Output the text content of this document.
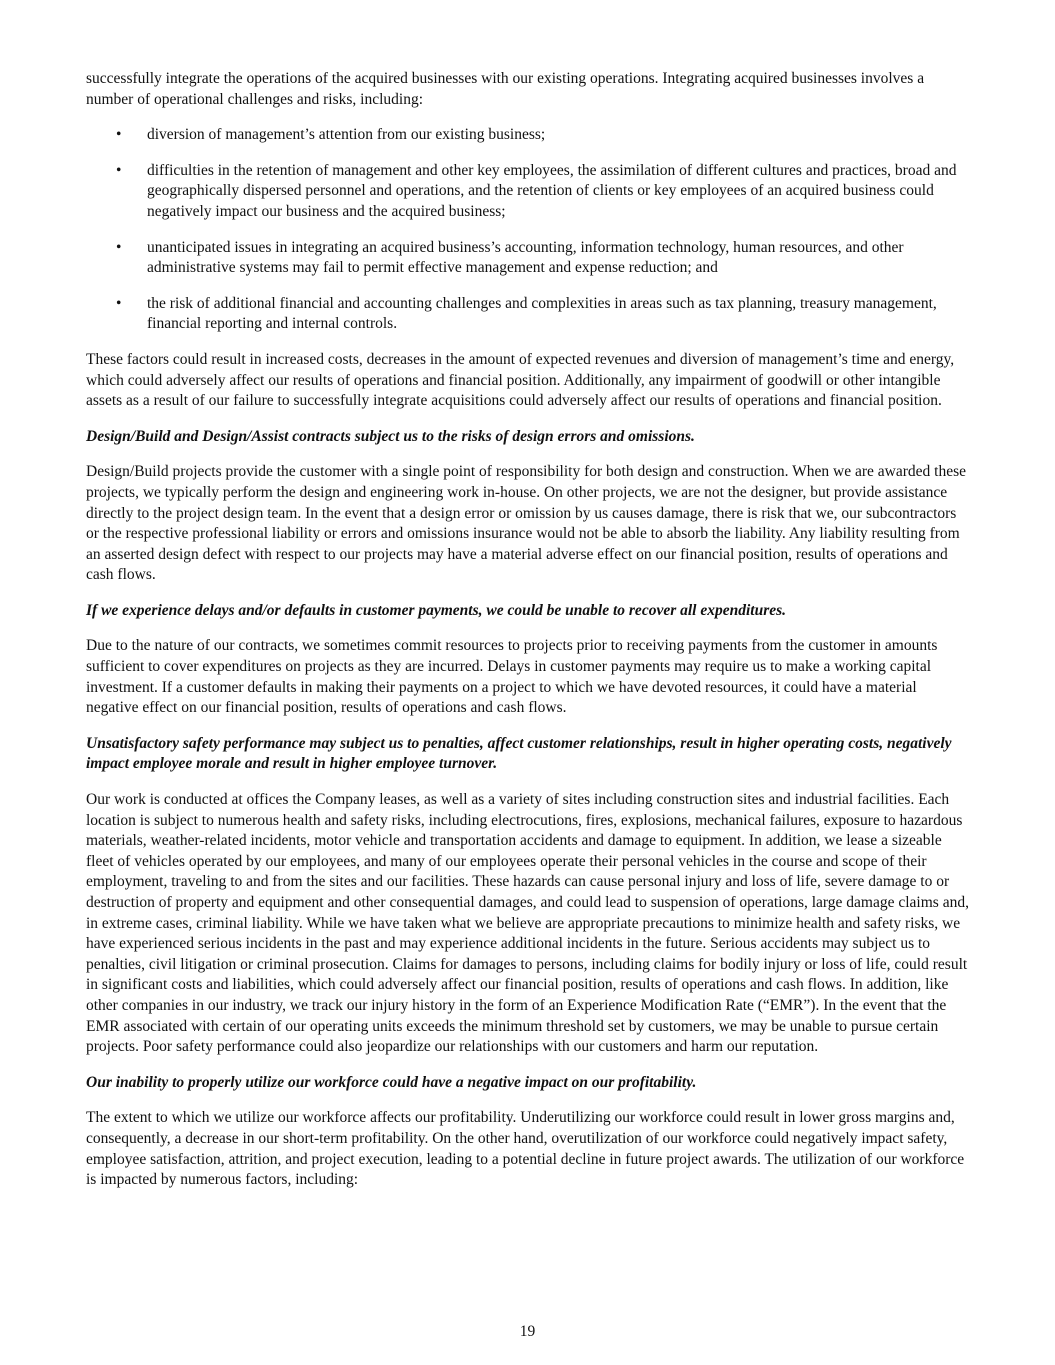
successfully integrate the operations of the acquired businesses with our existing operations. Integrating acquired businesses involves a number of operational challenges and risks, including:

• diversion of management’s attention from our existing business;
• difficulties in the retention of management and other key employees, the assimilation of different cultures and practices, broad and geographically dispersed personnel and operations, and the retention of clients or key employees of an acquired business could negatively impact our business and the acquired business;
• unanticipated issues in integrating an acquired business’s accounting, information technology, human resources, and other administrative systems may fail to permit effective management and expense reduction; and
• the risk of additional financial and accounting challenges and complexities in areas such as tax planning, treasury management, financial reporting and internal controls.

These factors could result in increased costs, decreases in the amount of expected revenues and diversion of management’s time and energy, which could adversely affect our results of operations and financial position. Additionally, any impairment of goodwill or other intangible assets as a result of our failure to successfully integrate acquisitions could adversely affect our results of operations and financial position.

Design/Build and Design/Assist contracts subject us to the risks of design errors and omissions.

Design/Build projects provide the customer with a single point of responsibility for both design and construction. When we are awarded these projects, we typically perform the design and engineering work in-house. On other projects, we are not the designer, but provide assistance directly to the project design team. In the event that a design error or omission by us causes damage, there is risk that we, our subcontractors or the respective professional liability or errors and omissions insurance would not be able to absorb the liability. Any liability resulting from an asserted design defect with respect to our projects may have a material adverse effect on our financial position, results of operations and cash flows.

If we experience delays and/or defaults in customer payments, we could be unable to recover all expenditures.

Due to the nature of our contracts, we sometimes commit resources to projects prior to receiving payments from the customer in amounts sufficient to cover expenditures on projects as they are incurred. Delays in customer payments may require us to make a working capital investment. If a customer defaults in making their payments on a project to which we have devoted resources, it could have a material negative effect on our financial position, results of operations and cash flows.

Unsatisfactory safety performance may subject us to penalties, affect customer relationships, result in higher operating costs, negatively impact employee morale and result in higher employee turnover.

Our work is conducted at offices the Company leases, as well as a variety of sites including construction sites and industrial facilities. Each location is subject to numerous health and safety risks, including electrocutions, fires, explosions, mechanical failures, exposure to hazardous materials, weather-related incidents, motor vehicle and transportation accidents and damage to equipment. In addition, we lease a sizeable fleet of vehicles operated by our employees, and many of our employees operate their personal vehicles in the course and scope of their employment, traveling to and from the sites and our facilities. These hazards can cause personal injury and loss of life, severe damage to or destruction of property and equipment and other consequential damages, and could lead to suspension of operations, large damage claims and, in extreme cases, criminal liability. While we have taken what we believe are appropriate precautions to minimize health and safety risks, we have experienced serious incidents in the past and may experience additional incidents in the future. Serious accidents may subject us to penalties, civil litigation or criminal prosecution. Claims for damages to persons, including claims for bodily injury or loss of life, could result in significant costs and liabilities, which could adversely affect our financial position, results of operations and cash flows. In addition, like other companies in our industry, we track our injury history in the form of an Experience Modification Rate (“EMR”). In the event that the EMR associated with certain of our operating units exceeds the minimum threshold set by customers, we may be unable to pursue certain projects. Poor safety performance could also jeopardize our relationships with our customers and harm our reputation.

Our inability to properly utilize our workforce could have a negative impact on our profitability.

The extent to which we utilize our workforce affects our profitability. Underutilizing our workforce could result in lower gross margins and, consequently, a decrease in our short-term profitability. On the other hand, overutilization of our workforce could negatively impact safety, employee satisfaction, attrition, and project execution, leading to a potential decline in future project awards. The utilization of our workforce is impacted by numerous factors, including:

19
